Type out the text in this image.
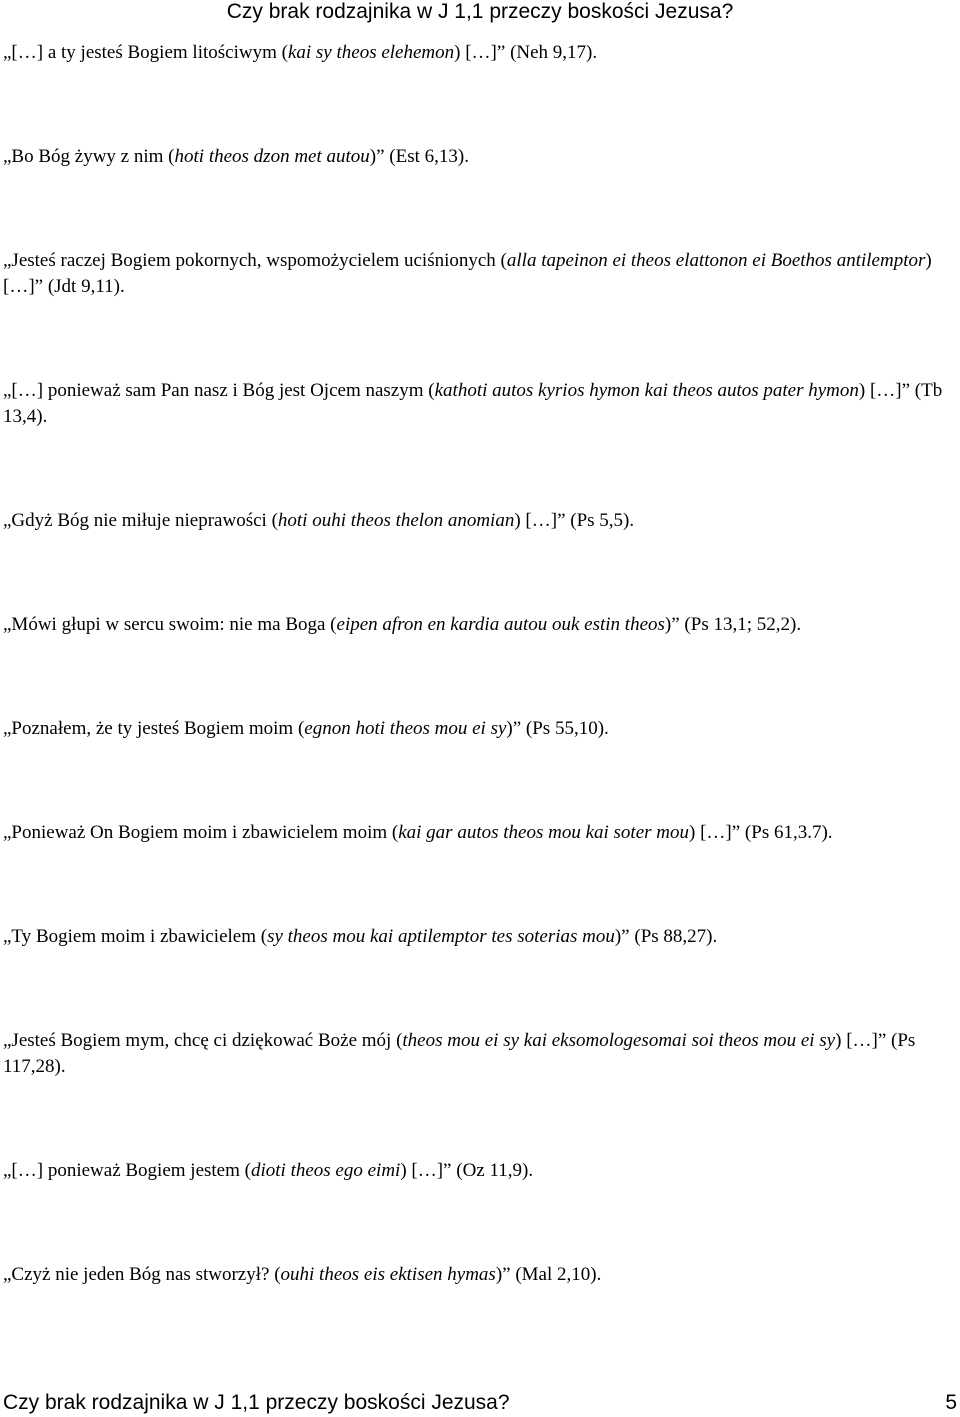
Czy brak rodzajnika w J 1,1 przeczy boskości Jezusa?

„[…] a ty jesteś Bogiem litościwym (kai sy theos elehemon) […]” (Neh 9,17).

„Bo Bóg żywy z nim (hoti theos dzon met autou)” (Est 6,13).

„Jesteś raczej Bogiem pokornych, wspomożycielem uciśnionych (alla tapeinon ei theos elattonon ei Boethos antilemptor) […]” (Jdt 9,11).

„[…] ponieważ sam Pan nasz i Bóg jest Ojcem naszym (kathoti autos kyrios hymon kai theos autos pater hymon) […]” (Tb 13,4).

„Gdyż Bóg nie miłuje nieprawości (hoti ouhi theos thelon anomian) […]” (Ps 5,5).

„Mówi głupi w sercu swoim: nie ma Boga (eipen afron en kardia autou ouk estin theos)” (Ps 13,1; 52,2).

„Poznałem, że ty jesteś Bogiem moim (egnon hoti theos mou ei sy)” (Ps 55,10).

„Ponieważ On Bogiem moim i zbawicielem moim (kai gar autos theos mou kai soter mou) […]” (Ps 61,3.7).

„Ty Bogiem moim i zbawicielem (sy theos mou kai aptilemptor tes soterias mou)” (Ps 88,27).

„Jesteś Bogiem mym, chcę ci dziękować Boże mój (theos mou ei sy kai eksomologesomai soi theos mou ei sy) […]” (Ps 117,28).

„[…] ponieważ Bogiem jestem (dioti theos ego eimi) […]” (Oz 11,9).

„Czyż nie jeden Bóg nas stworzył? (ouhi theos eis ektisen hymas)” (Mal 2,10).

Czy brak rodzajnika w J 1,1 przeczy boskości Jezusa?	5
